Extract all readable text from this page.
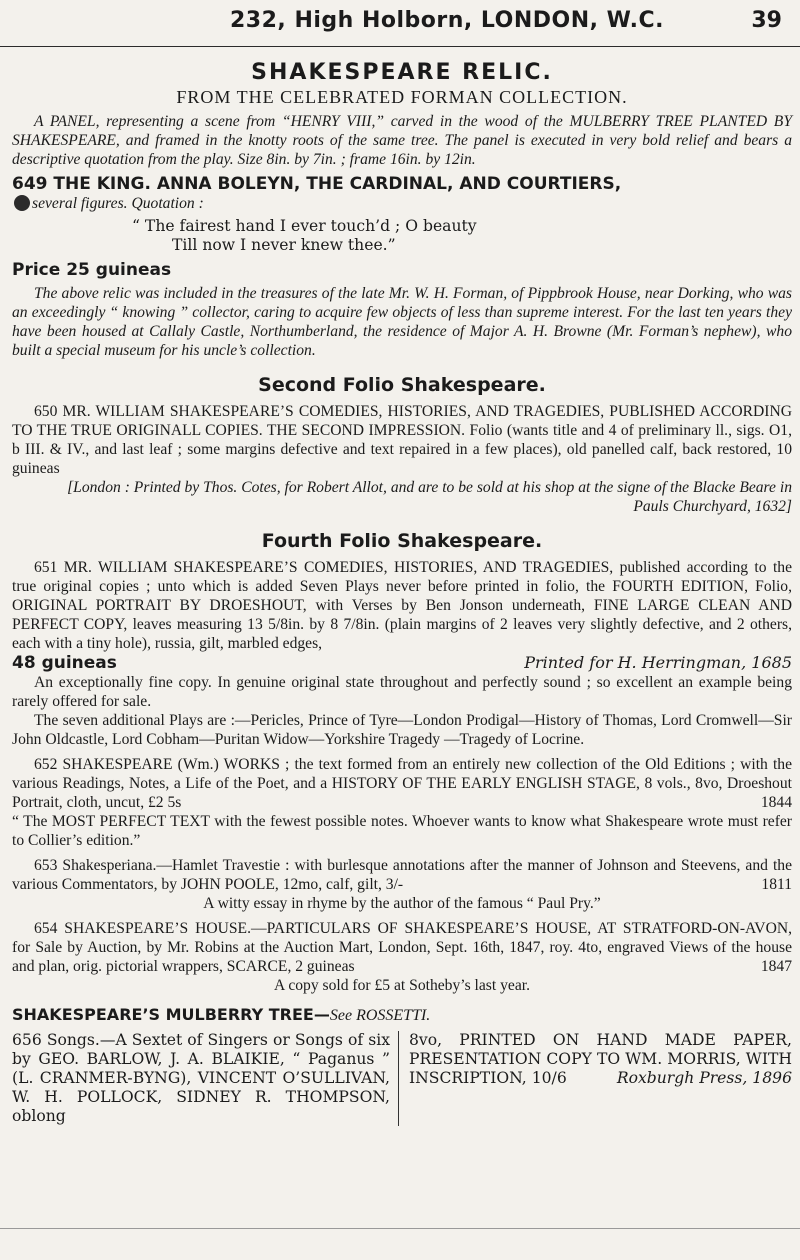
232, High Holborn, LONDON, W.C.	39
SHAKESPEARE RELIC.
FROM THE CELEBRATED FORMAN COLLECTION.

A PANEL, representing a scene from “HENRY VIII,” carved in the wood of the MULBERRY TREE PLANTED BY SHAKESPEARE, and framed in the knotty roots of the same tree. The panel is executed in very bold relief and bears a descriptive quotation from the play. Size 8in. by 7in. ; frame 16in. by 12in.

649 THE KING. ANNA BOLEYN, THE CARDINAL, AND COURTIERS,

several figures. Quotation :

“ The fairest hand I ever touch’d ; O beauty
Till now I never knew thee.”

Price 25 guineas

The above relic was included in the treasures of the late Mr. W. H. Forman, of Pippbrook House, near Dorking, who was an exceedingly “ knowing ” collector, caring to acquire few objects of less than supreme interest. For the last ten years they have been housed at Callaly Castle, Northumberland, the residence of Major A. H. Browne (Mr. Forman’s nephew), who built a special museum for his uncle’s collection.

Second Folio Shakespeare.

650 MR. WILLIAM SHAKESPEARE’S COMEDIES, HISTORIES, AND TRAGEDIES, PUBLISHED ACCORDING TO THE TRUE ORIGINALL COPIES. THE SECOND IMPRESSION. Folio (wants title and 4 of preliminary ll., sigs. O1, b III. & IV., and last leaf ; some margins defective and text repaired in a few places), old panelled calf, back restored, 10 guineas

[London : Printed by Thos. Cotes, for Robert Allot, and are to be sold at his shop at the signe of the Blacke Beare in Pauls Churchyard, 1632]

Fourth Folio Shakespeare.

651 MR. WILLIAM SHAKESPEARE’S COMEDIES, HISTORIES, AND TRAGEDIES, published according to the true original copies ; unto which is added Seven Plays never before printed in folio, the FOURTH EDITION, Folio, ORIGINAL PORTRAIT BY DROESHOUT, with Verses by Ben Jonson underneath, FINE LARGE CLEAN AND PERFECT COPY, leaves measuring 13 5/8in. by 8 7/8in. (plain margins of 2 leaves very slightly defective, and 2 others, each with a tiny hole), russia, gilt, marbled edges,

48 guineas	Printed for H. Herringman, 1685

An exceptionally fine copy. In genuine original state throughout and perfectly sound ; so excellent an example being rarely offered for sale.

The seven additional Plays are :—Pericles, Prince of Tyre—London Prodigal—History of Thomas, Lord Cromwell—Sir John Oldcastle, Lord Cobham—Puritan Widow—Yorkshire Tragedy —Tragedy of Locrine.

652 SHAKESPEARE (Wm.) WORKS ; the text formed from an entirely new collection of the Old Editions ; with the various Readings, Notes, a Life of the Poet, and a HISTORY OF THE EARLY ENGLISH STAGE, 8 vols., 8vo, Droeshout Portrait, cloth, uncut, £2 5s	1844

“ The MOST PERFECT TEXT with the fewest possible notes. Whoever wants to know what Shakespeare wrote must refer to Collier’s edition.”

653 Shakesperiana.—Hamlet Travestie : with burlesque annotations after the manner of Johnson and Steevens, and the various Commentators, by JOHN POOLE, 12mo, calf, gilt, 3/-	1811

A witty essay in rhyme by the author of the famous “ Paul Pry.”

654 SHAKESPEARE’S HOUSE.—PARTICULARS OF SHAKESPEARE’S HOUSE, AT STRATFORD-ON-AVON, for Sale by Auction, by Mr. Robins at the Auction Mart, London, Sept. 16th, 1847, roy. 4to, engraved Views of the house and plan, orig. pictorial wrappers, SCARCE, 2 guineas	1847

A copy sold for £5 at Sotheby’s last year.

SHAKESPEARE’S MULBERRY TREE—See ROSSETTI.
656 Songs.—A Sextet of Singers or Songs of six by GEO. BARLOW, J. A. BLAIKIE, “ Paganus ” (L. CRANMER-BYNG), VINCENT O’SULLIVAN, W. H. POLLOCK, SIDNEY R. THOMPSON, oblong
8vo, PRINTED ON HAND MADE PAPER, PRESENTATION COPY TO WM. MORRIS, WITH INSCRIPTION, 10/6	Roxburgh Press, 1896
